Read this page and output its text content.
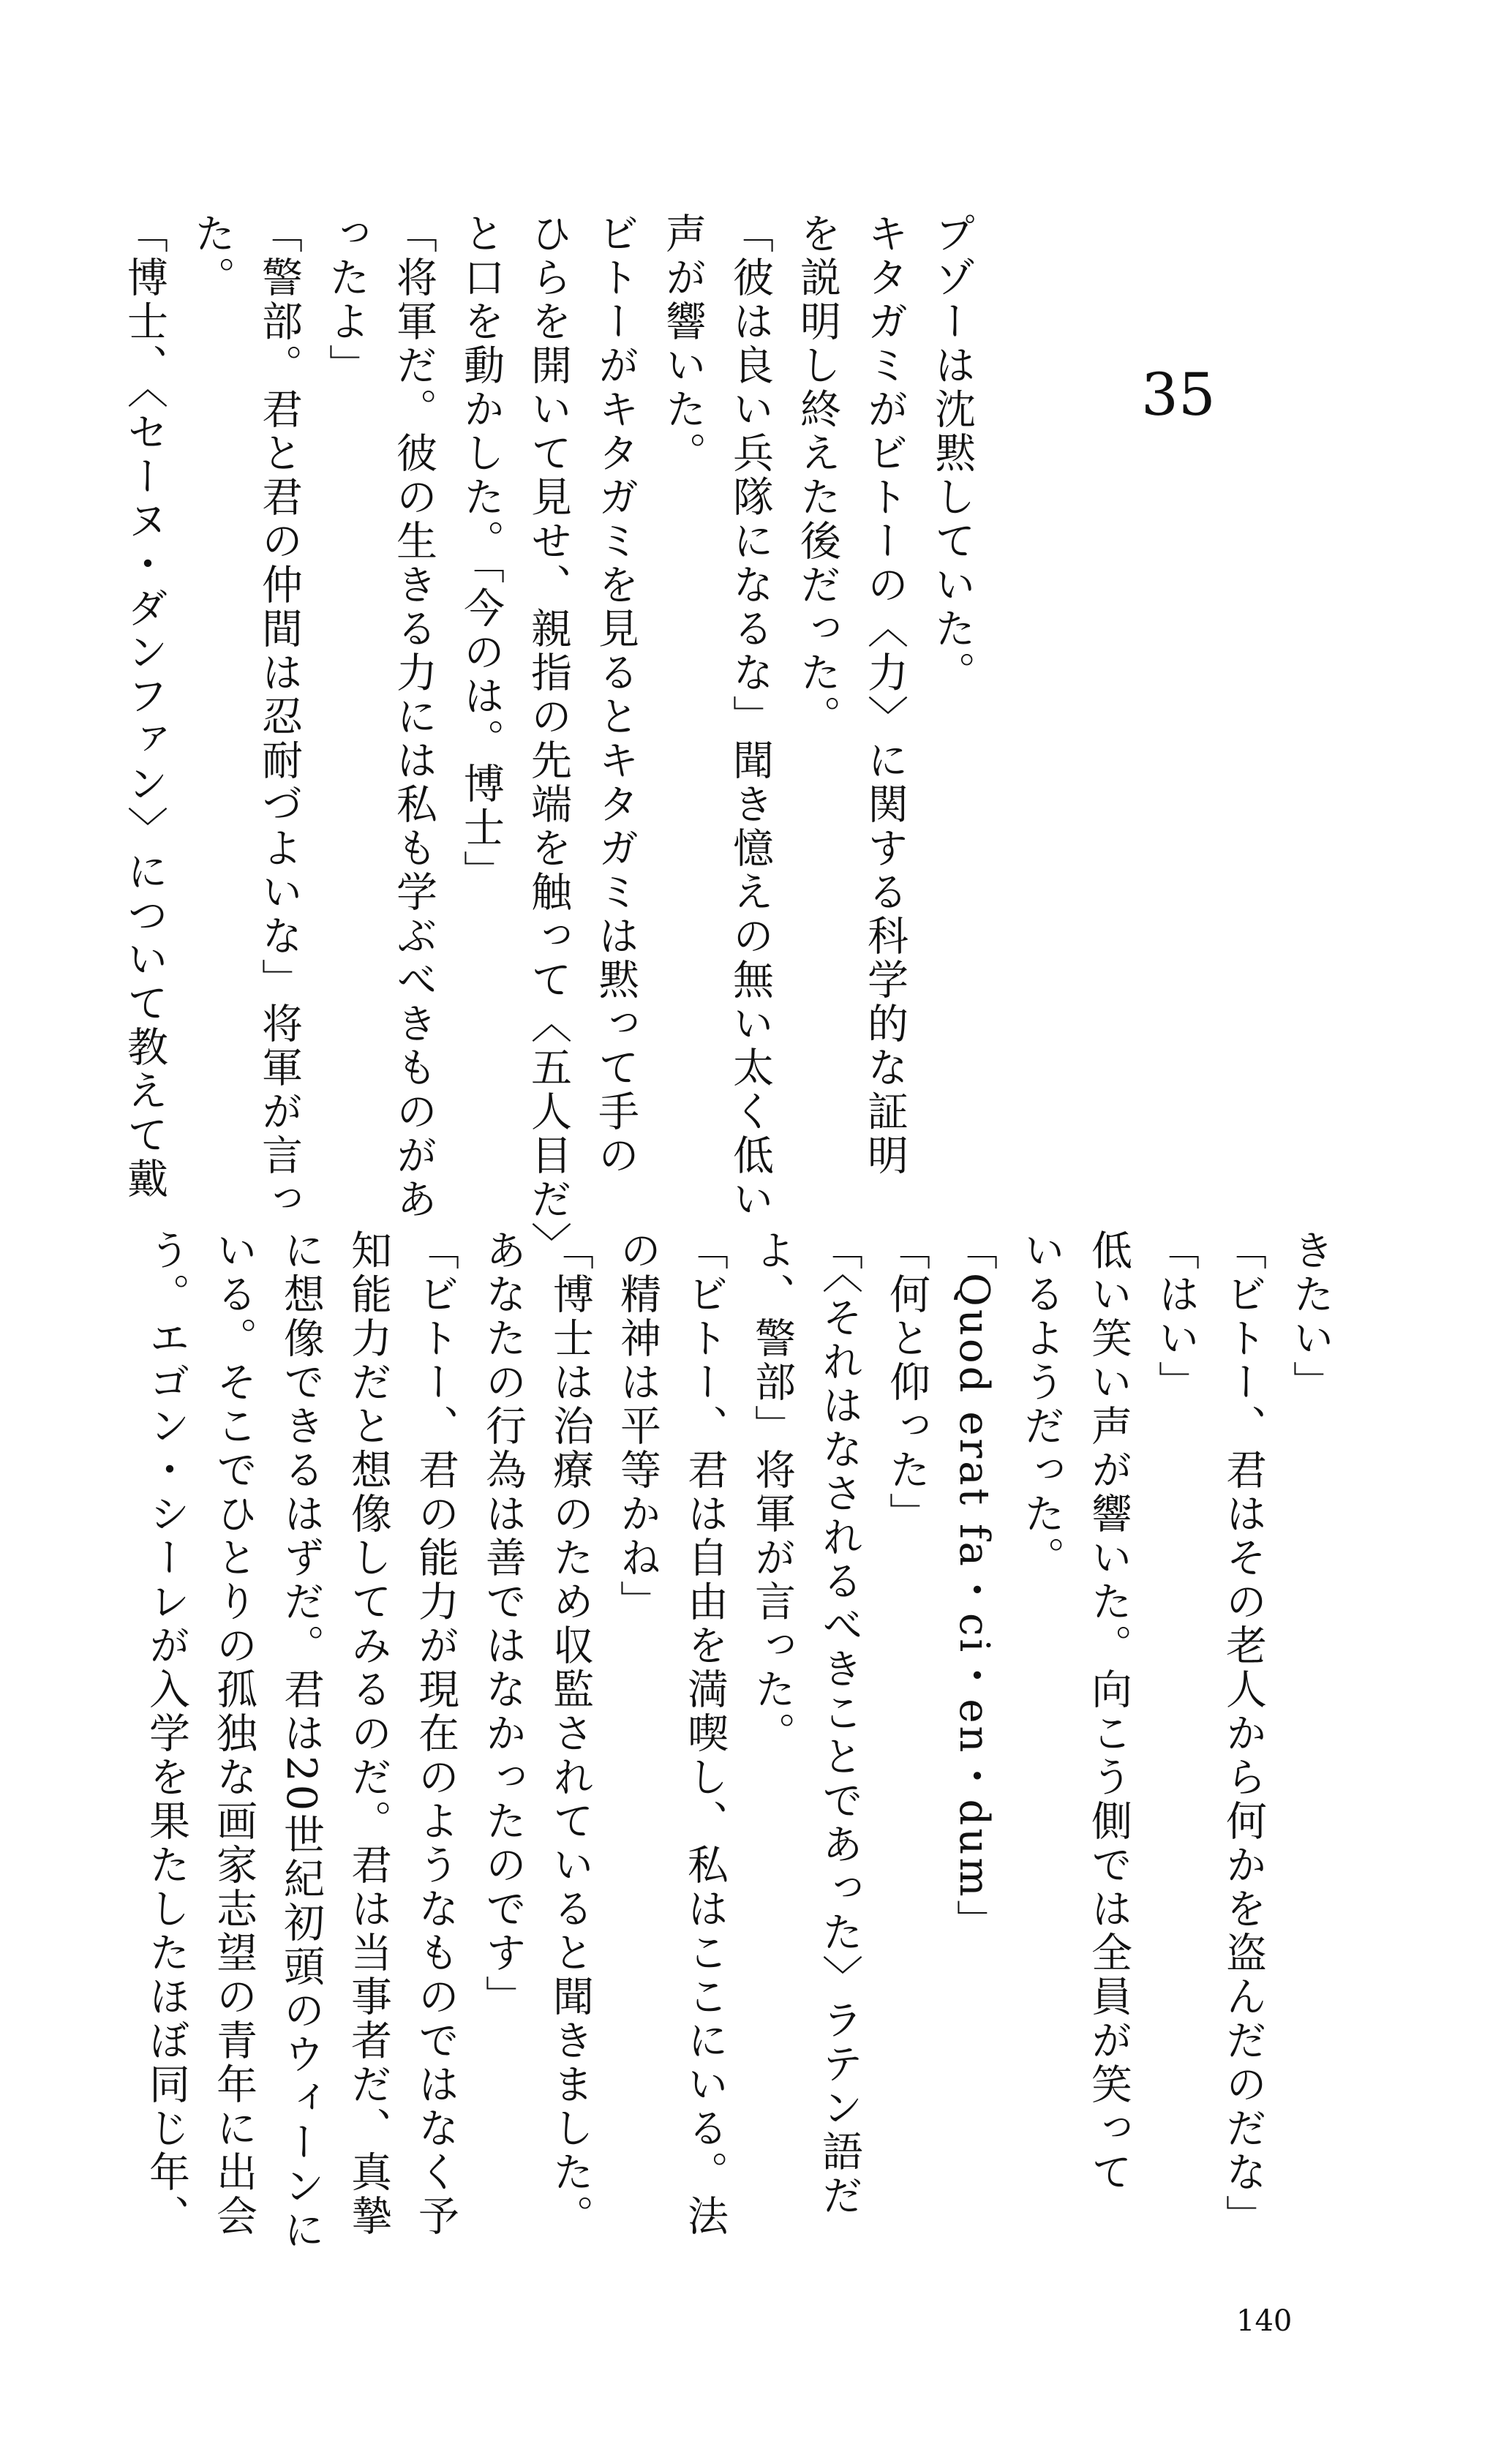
35

プゾーは沈黙していた。

キタガミがビトーの〈力〉に関する科学的な証明

を説明し終えた後だった。

「彼は良い兵隊になるな」聞き憶えの無い太く低い

声が響いた。

ビトーがキタガミを見るとキタガミは黙って手の

ひらを開いて見せ、親指の先端を触って〈五人目だ〉

と口を動かした。「今のは。博士」

「将軍だ。彼の生きる力には私も学ぶべきものがあ

ったよ」

「警部。君と君の仲間は忍耐づよいな」将軍が言っ

た。

「博士、〈セーヌ・ダンファン〉について教えて戴

きたい」

「ビトー、君はその老人から何かを盗んだのだな」

「はい」

低い笑い声が響いた。向こう側では全員が笑って

いるようだった。

「Quod erat fa・ci・en・dum」

「何と仰った」

「〈それはなされるべきことであった〉ラテン語だ

よ、警部」将軍が言った。

「ビトー、君は自由を満喫し、私はここにいる。法

の精神は平等かね」

「博士は治療のため収監されていると聞きました。

あなたの行為は善ではなかったのです」

「ビトー、君の能力が現在のようなものではなく予

知能力だと想像してみるのだ。君は当事者だ、真摯

に想像できるはずだ。君は20世紀初頭のウィーンに

いる。そこでひとりの孤独な画家志望の青年に出会

う。エゴン・シーレが入学を果たしたほぼ同じ年、

140
